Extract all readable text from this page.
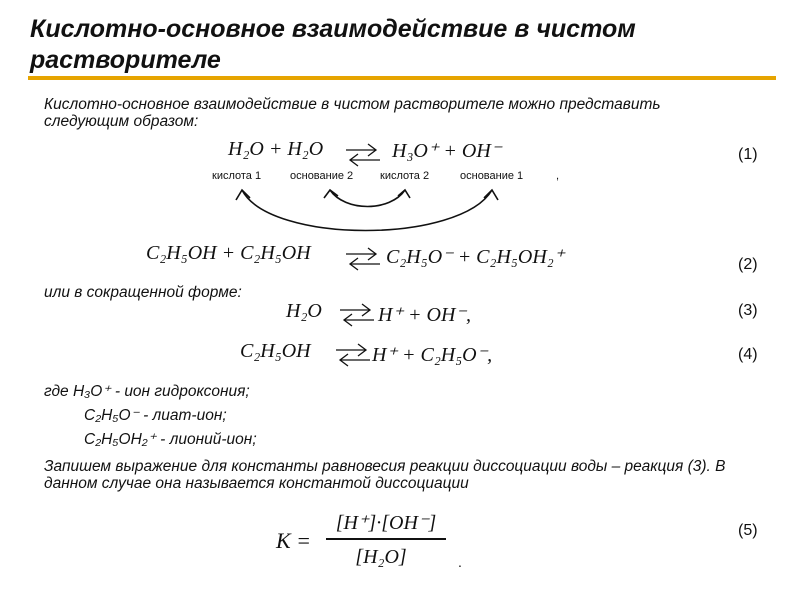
Кислотно-основное взаимодействие в чистом растворителе
Кислотно-основное взаимодействие в чистом растворителе можно представить следующим образом:
H₂O + H₂O ⇌ H₃O⁺ + OH⁻	(1)
кислота 1	основание 2 кислота 2	основание 1	,
C₂H₅OH + C₂H₅OH ⇌ C₂H₅O⁻ + C₂H₅OH₂⁺	(2)
или в сокращенной форме:
H₂O ⇌ H⁺ + OH⁻,	(3)
C₂H₅OH ⇌ H⁺ + C₂H₅O⁻,	(4)
где H₃O⁺ - ион гидроксония;
C₂H₅O⁻ - лиат-ион;
C₂H₅OH₂⁺ - лионий-ион;
Запишем выражение для константы равновесия реакции диссоциации воды – реакция (3). В данном случае она называется константой диссоциации
K =
[H⁺]·[OH⁻]
[H₂O]	.
(5)
